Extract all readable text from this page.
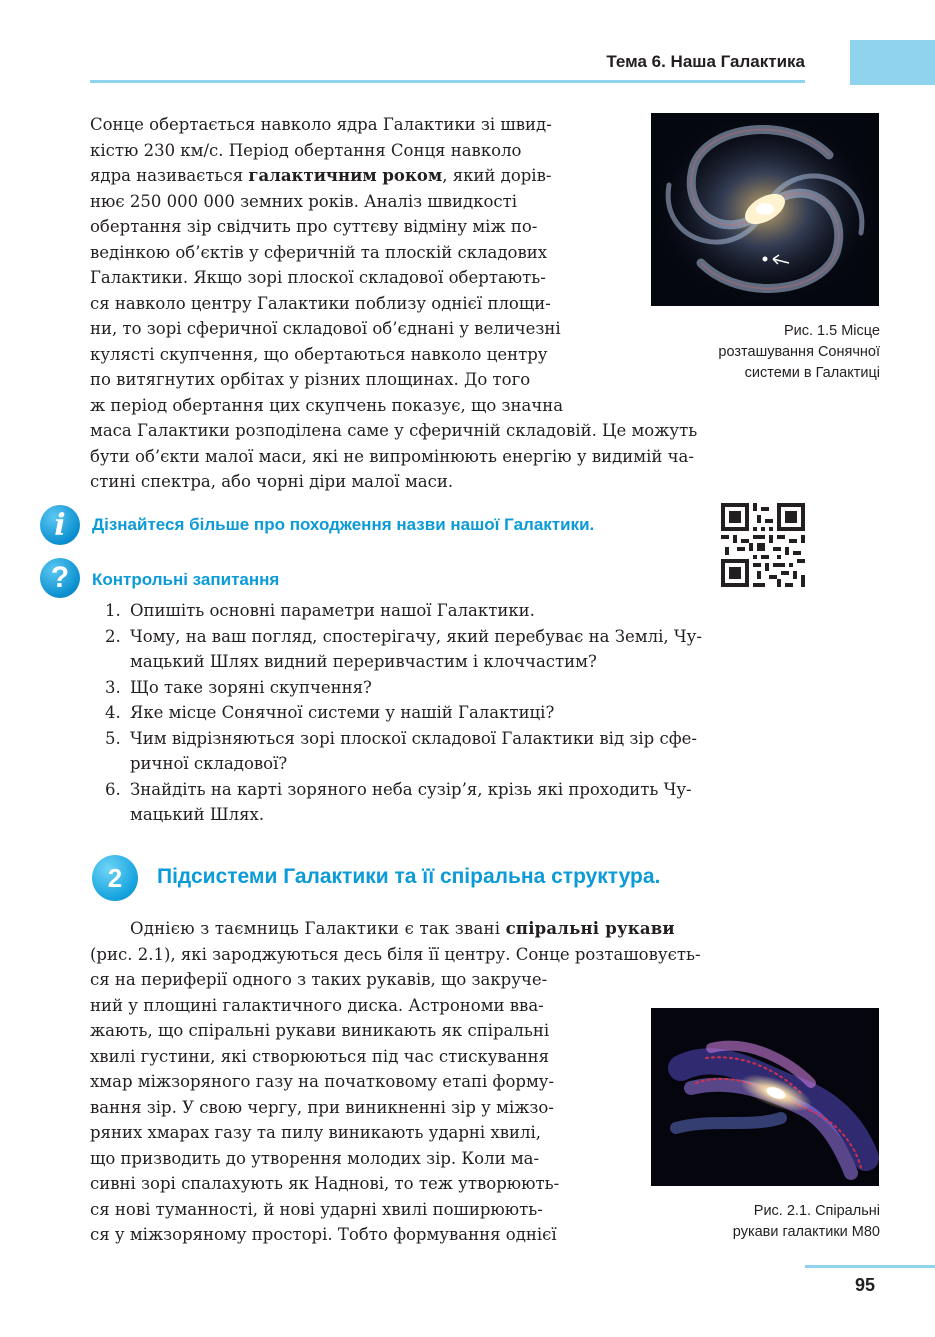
Тема 6. Наша Галактика
Сонце обертається навколо ядра Галактики зі швид-
кістю 230 км/с. Період обертання Сонця навколо
ядра називається галактичним роком, який дорів-
нює 250 000 000 земних років. Аналіз швидкості
обертання зір свідчить про суттєву відміну між по-
ведінкою об’єктів у сферичній та плоскій складових
Галактики. Якщо зорі плоскої складової обертають-
ся навколо центру Галактики поблизу однієї площи-
ни, то зорі сферичної складової об’єднані у величезні
кулясті скупчення, що обертаються навколо центру
по витягнутих орбітах у різних площинах. До того
ж період обертання цих скупчень показує, що значна
маса Галактики розподілена саме у сферичній складовій. Це можуть
бути об’єкти малої маси, які не випромінюють енергію у видимій ча-
стині спектра, або чорні діри малої маси.
Рис. 1.5 Місце
розташування Сонячної
системи в Галактиці
i	Дізнайтеся більше про походження назви нашої Галактики.
?	Контрольні запитання
1. Опишіть основні параметри нашої Галактики.
2. Чому, на ваш погляд, спостерігачу, який перебуває на Землі, Чу-
мацький Шлях видний переривчастим і клоччастим?
3. Що таке зоряні скупчення?
4. Яке місце Сонячної системи у нашій Галактиці?
5. Чим відрізняються зорі плоскої складової Галактики від зір сфе-
ричної складової?
6. Знайдіть на карті зоряного неба сузір’я, крізь які проходить Чу-
мацький Шлях.
2	Підсистеми Галактики та її спіральна структура.
Однією з таємниць Галактики є так звані спіральні рукави
(рис. 2.1), які зароджуються десь біля її центру. Сонце розташовуєть-
ся на периферії одного з таких рукавів, що закруче-
ний у площині галактичного диска. Астрономи вва-
жають, що спіральні рукави виникають як спіральні
хвилі густини, які створюються під час стискування
хмар міжзоряного газу на початковому етапі форму-
вання зір. У свою чергу, при виникненні зір у міжзо-
ряних хмарах газу та пилу виникають ударні хвилі,
що призводить до утворення молодих зір. Коли ма-
сивні зорі спалахують як Наднові, то теж утворюють-
ся нові туманності, й нові ударні хвилі поширюють-
ся у міжзоряному просторі. Тобто формування однієї
Рис. 2.1. Спіральні
рукави галактики M80
95
